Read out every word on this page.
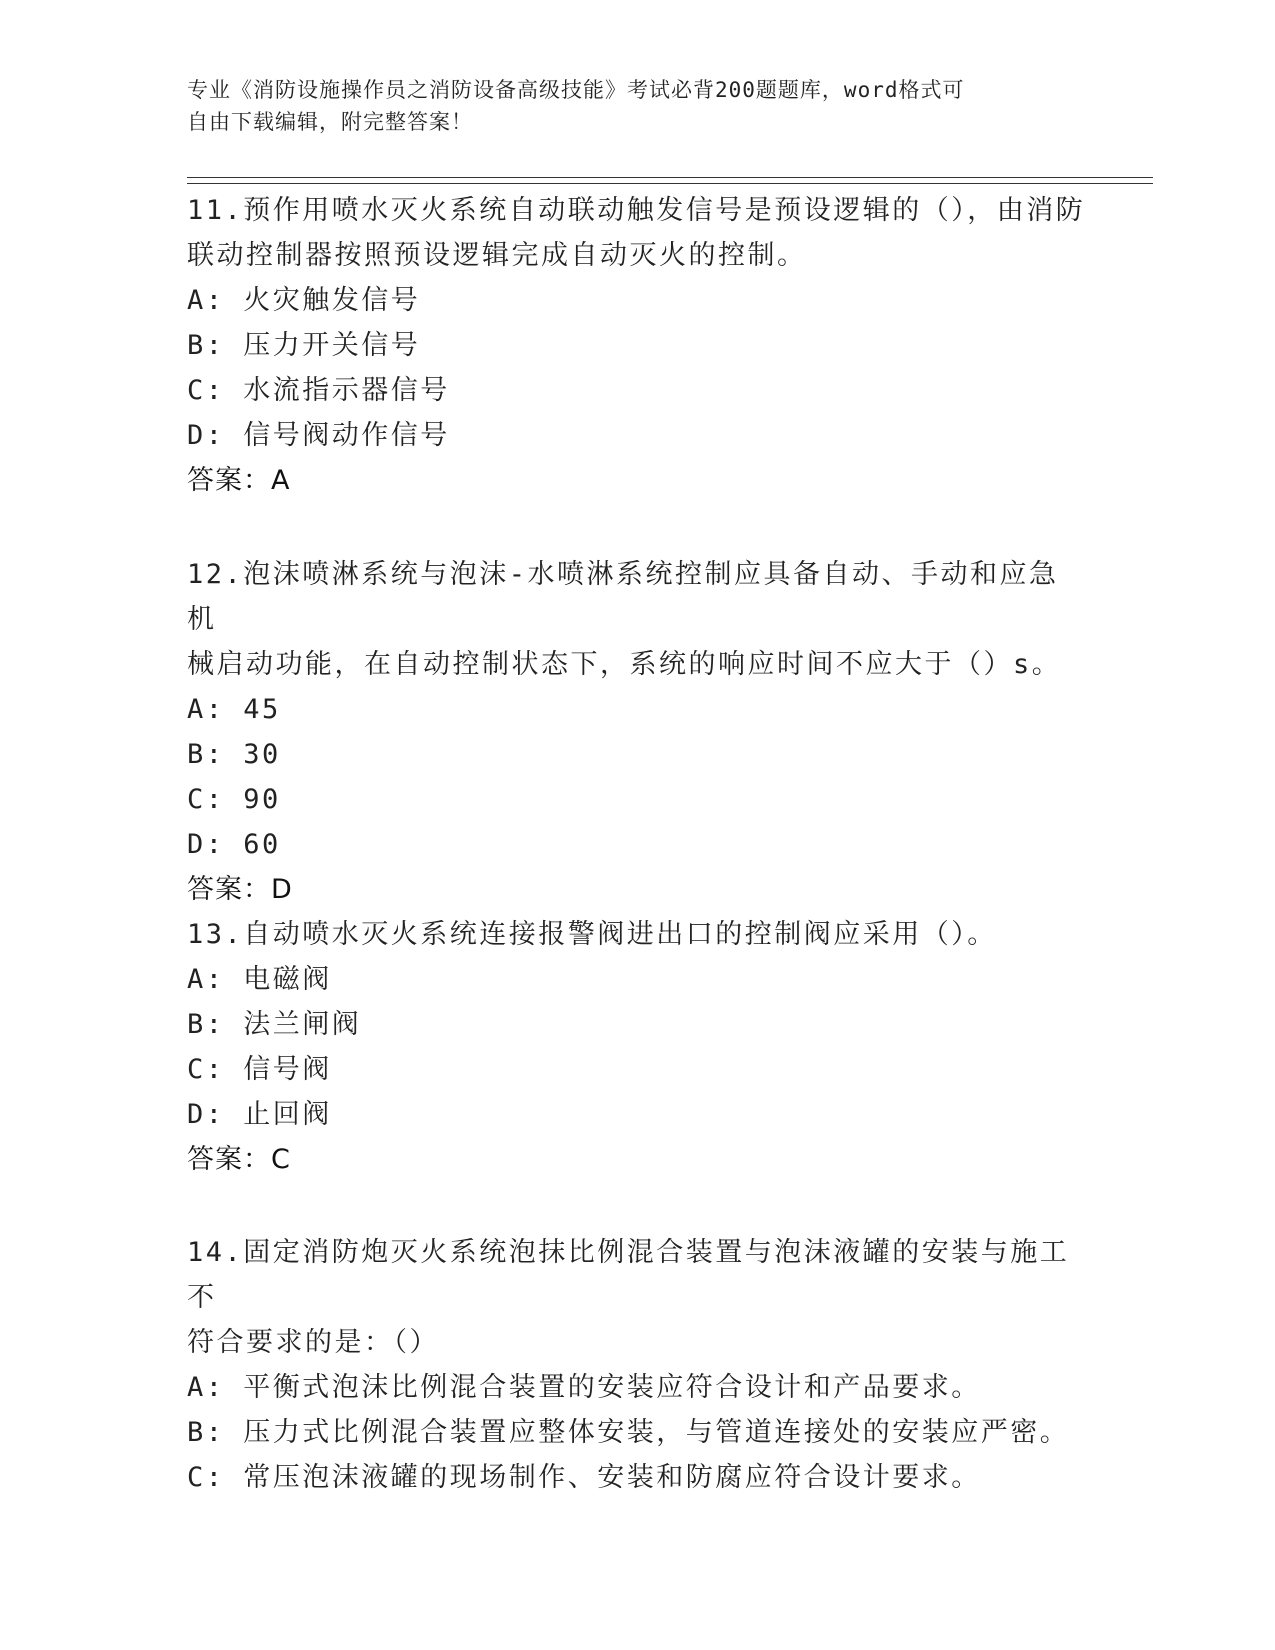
专业《消防设施操作员之消防设备高级技能》考试必背200题题库，word格式可
自由下载编辑，附完整答案！

11.预作用喷水灭火系统自动联动触发信号是预设逻辑的（），由消防

联动控制器按照预设逻辑完成自动灭火的控制。

A: 火灾触发信号

B: 压力开关信号

C: 水流指示器信号

D: 信号阀动作信号

答案：A

12.泡沫喷淋系统与泡沫-水喷淋系统控制应具备自动、手动和应急机

械启动功能，在自动控制状态下，系统的响应时间不应大于（）s。

A: 45

B: 30

C: 90

D: 60

答案：D

13.自动喷水灭火系统连接报警阀进出口的控制阀应采用（）。

A: 电磁阀

B: 法兰闸阀

C: 信号阀

D: 止回阀

答案：C

14.固定消防炮灭火系统泡抹比例混合装置与泡沫液罐的安装与施工不

符合要求的是：（）

A: 平衡式泡沫比例混合装置的安装应符合设计和产品要求。

B: 压力式比例混合装置应整体安装，与管道连接处的安装应严密。

C: 常压泡沫液罐的现场制作、安装和防腐应符合设计要求。
